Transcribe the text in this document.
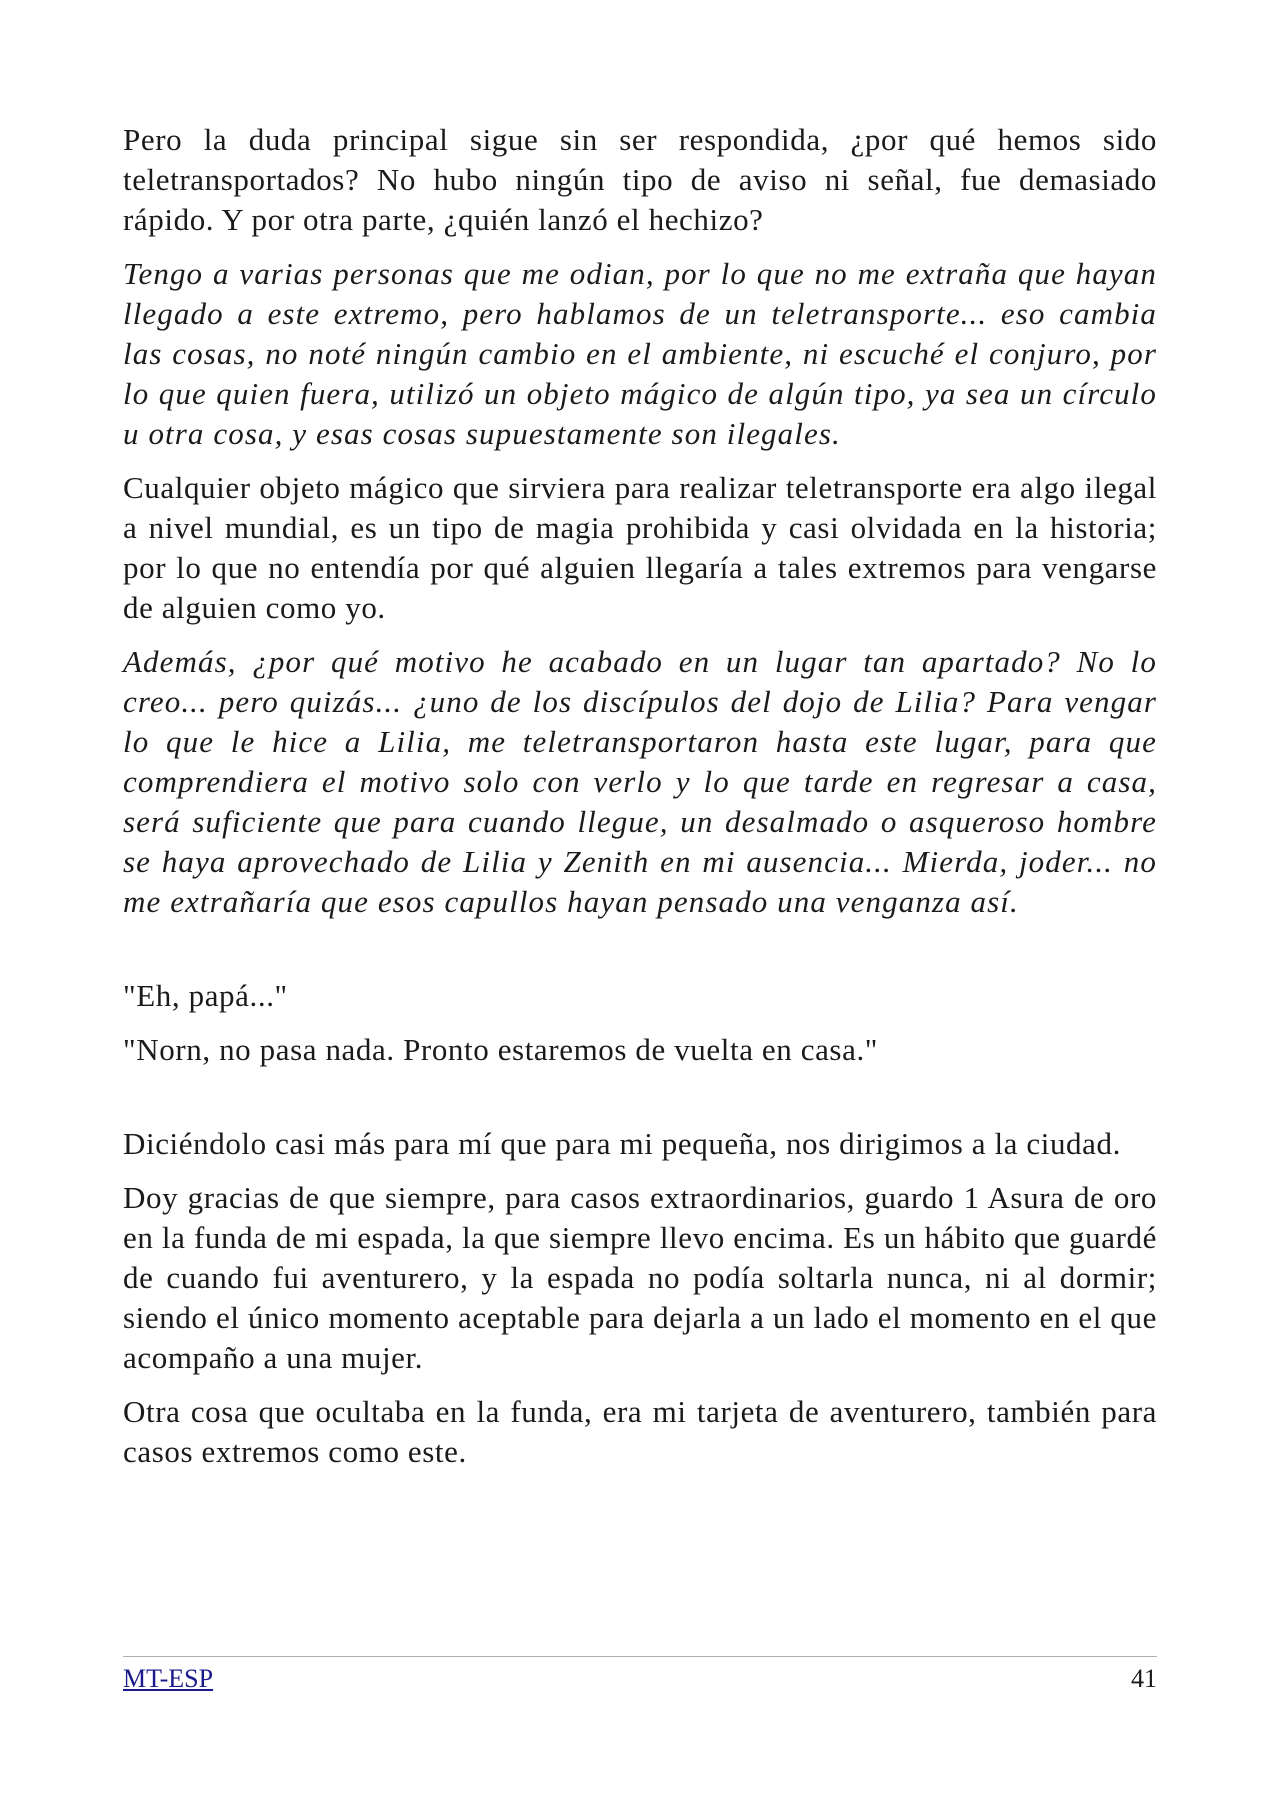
Pero la duda principal sigue sin ser respondida, ¿por qué hemos sido teletransportados? No hubo ningún tipo de aviso ni señal, fue demasiado rápido. Y por otra parte, ¿quién lanzó el hechizo?

Tengo a varias personas que me odian, por lo que no me extraña que hayan llegado a este extremo, pero hablamos de un teletransporte... eso cambia las cosas, no noté ningún cambio en el ambiente, ni escuché el conjuro, por lo que quien fuera, utilizó un objeto mágico de algún tipo, ya sea un círculo u otra cosa, y esas cosas supuestamente son ilegales.

Cualquier objeto mágico que sirviera para realizar teletransporte era algo ilegal a nivel mundial, es un tipo de magia prohibida y casi olvidada en la historia; por lo que no entendía por qué alguien llegaría a tales extremos para vengarse de alguien como yo.

Además, ¿por qué motivo he acabado en un lugar tan apartado? No lo creo... pero quizás... ¿uno de los discípulos del dojo de Lilia? Para vengar lo que le hice a Lilia, me teletransportaron hasta este lugar, para que comprendiera el motivo solo con verlo y lo que tarde en regresar a casa, será suficiente que para cuando llegue, un desalmado o asqueroso hombre se haya aprovechado de Lilia y Zenith en mi ausencia... Mierda, joder... no me extrañaría que esos capullos hayan pensado una venganza así.

"Eh, papá..."

"Norn, no pasa nada. Pronto estaremos de vuelta en casa."

Diciéndolo casi más para mí que para mi pequeña, nos dirigimos a la ciudad.

Doy gracias de que siempre, para casos extraordinarios, guardo 1 Asura de oro en la funda de mi espada, la que siempre llevo encima. Es un hábito que guardé de cuando fui aventurero, y la espada no podía soltarla nunca, ni al dormir; siendo el único momento aceptable para dejarla a un lado el momento en el que acompaño a una mujer.

Otra cosa que ocultaba en la funda, era mi tarjeta de aventurero, también para casos extremos como este.

MT-ESP	41
